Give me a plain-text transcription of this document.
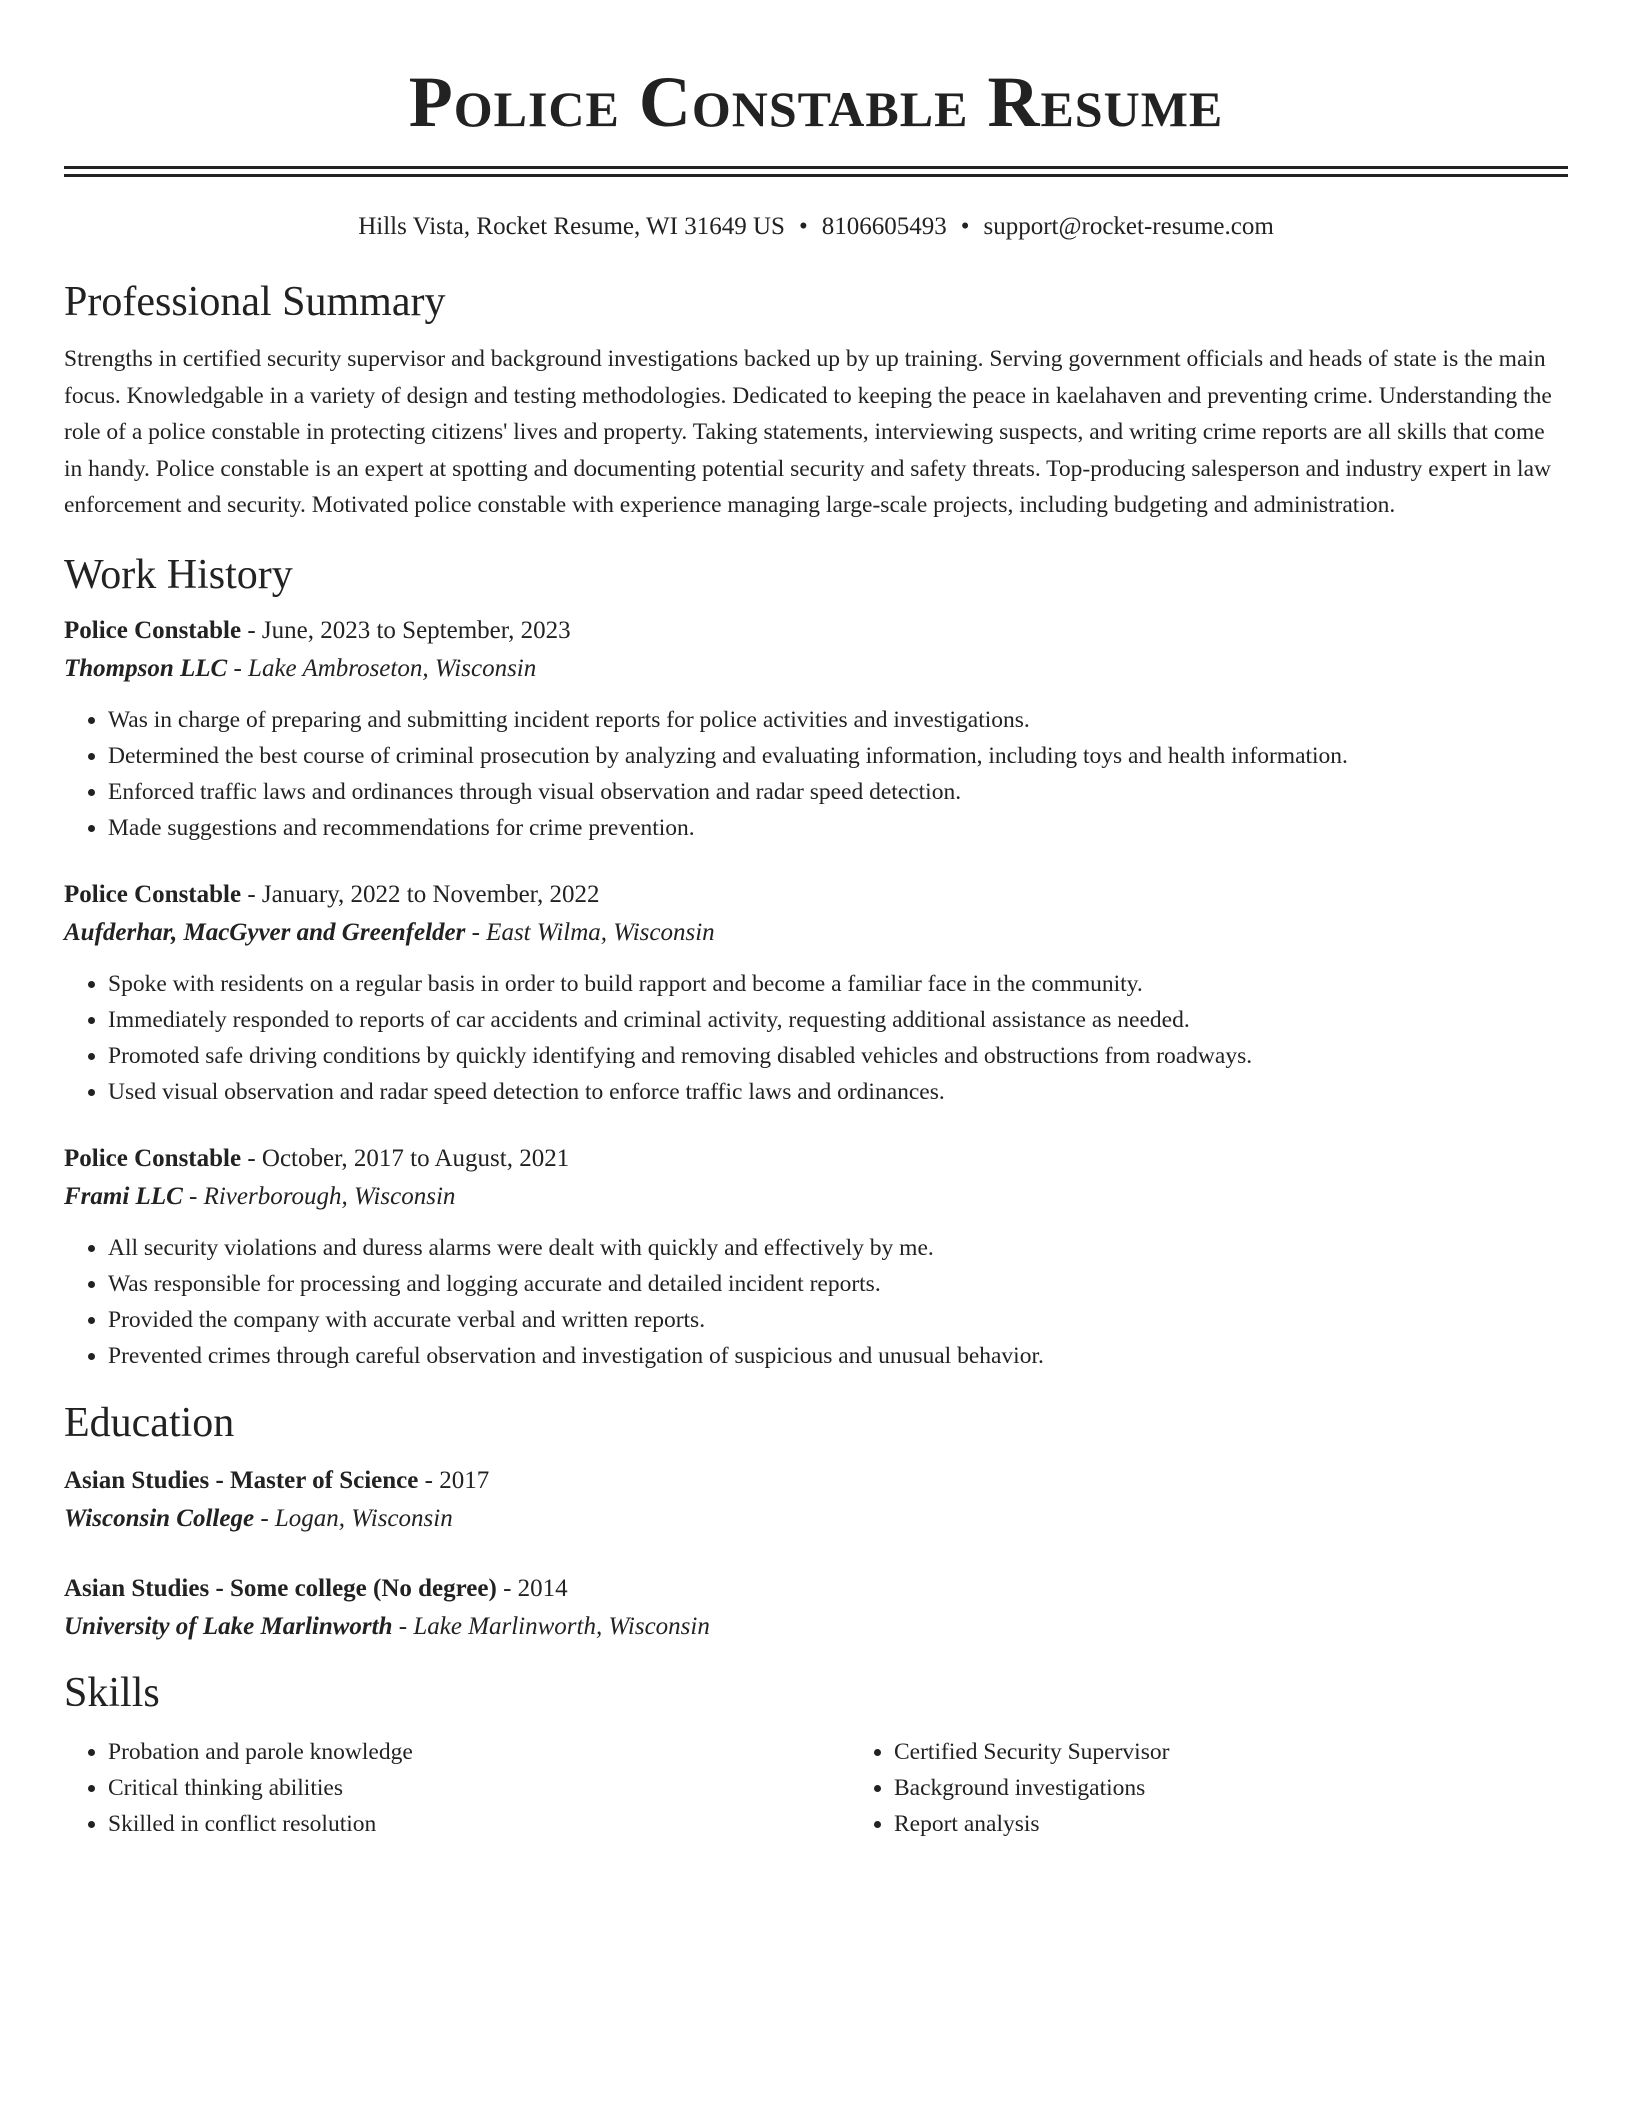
Police Constable Resume
Hills Vista, Rocket Resume, WI 31649 US • 8106605493 • support@rocket-resume.com
Professional Summary

Strengths in certified security supervisor and background investigations backed up by up training. Serving government officials and heads of state is the main focus. Knowledgable in a variety of design and testing methodologies. Dedicated to keeping the peace in kaelahaven and preventing crime. Understanding the role of a police constable in protecting citizens' lives and property. Taking statements, interviewing suspects, and writing crime reports are all skills that come in handy. Police constable is an expert at spotting and documenting potential security and safety threats. Top-producing salesperson and industry expert in law enforcement and security. Motivated police constable with experience managing large-scale projects, including budgeting and administration.

Work History
Police Constable - June, 2023 to September, 2023
Thompson LLC - Lake Ambroseton, Wisconsin
• Was in charge of preparing and submitting incident reports for police activities and investigations.
• Determined the best course of criminal prosecution by analyzing and evaluating information, including toys and health information.
• Enforced traffic laws and ordinances through visual observation and radar speed detection.
• Made suggestions and recommendations for crime prevention.
Police Constable - January, 2022 to November, 2022
Aufderhar, MacGyver and Greenfelder - East Wilma, Wisconsin
• Spoke with residents on a regular basis in order to build rapport and become a familiar face in the community.
• Immediately responded to reports of car accidents and criminal activity, requesting additional assistance as needed.
• Promoted safe driving conditions by quickly identifying and removing disabled vehicles and obstructions from roadways.
• Used visual observation and radar speed detection to enforce traffic laws and ordinances.
Police Constable - October, 2017 to August, 2021
Frami LLC - Riverborough, Wisconsin
• All security violations and duress alarms were dealt with quickly and effectively by me.
• Was responsible for processing and logging accurate and detailed incident reports.
• Provided the company with accurate verbal and written reports.
• Prevented crimes through careful observation and investigation of suspicious and unusual behavior.
Education
Asian Studies - Master of Science - 2017
Wisconsin College - Logan, Wisconsin
Asian Studies - Some college (No degree) - 2014
University of Lake Marlinworth - Lake Marlinworth, Wisconsin
Skills
• Probation and parole knowledge
• Critical thinking abilities
• Skilled in conflict resolution
• Certified Security Supervisor
• Background investigations
• Report analysis
